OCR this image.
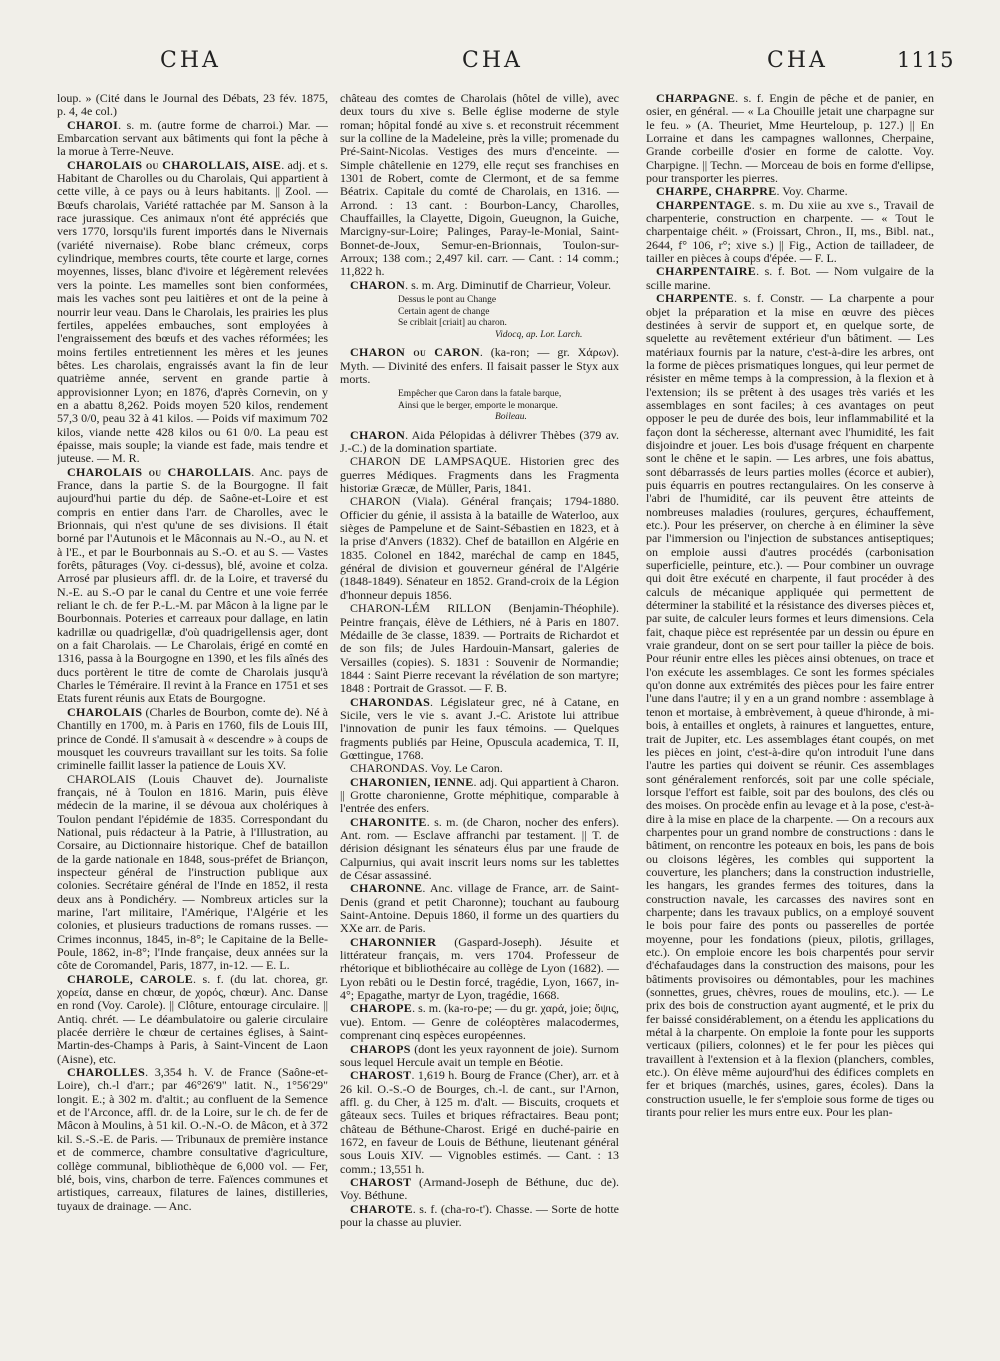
CHA	CHA	CHA	1115

loup. » (Cité dans le Journal des Débats, 23 fév. 1875, p. 4, 4e col.)

CHAROI. s. m. (autre forme de charroi.) Mar. — Embarcation servant aux bâtiments qui font la pêche à la morue à Terre-Neuve.

CHAROLAIS ou CHAROLLAIS, AISE. adj. et s. Habitant de Charolles ou du Charolais, Qui appartient à cette ville, à ce pays ou à leurs habitants. || Zool. — Bœufs charolais, Variété rattachée par M. Sanson à la race jurassique. Ces animaux n'ont été appréciés que vers 1770, lorsqu'ils furent importés dans le Nivernais (variété nivernaise). Robe blanc crémeux, corps cylindrique, membres courts, tête courte et large, cornes moyennes, lisses, blanc d'ivoire et légèrement relevées vers la pointe. Les mamelles sont bien conformées, mais les vaches sont peu laitières et ont de la peine à nourrir leur veau. Dans le Charolais, les prairies les plus fertiles, appelées embauches, sont employées à l'engraissement des bœufs et des vaches réformées; les moins fertiles entretiennent les mères et les jeunes bêtes. Les charolais, engraissés avant la fin de leur quatrième année, servent en grande partie à approvisionner Lyon; en 1876, d'après Cornevin, on y en a abattu 8,262. Poids moyen 520 kilos, rendement 57,3 0/0, peau 32 à 41 kilos. — Poids vif maximum 702 kilos, viande nette 428 kilos ou 61 0/0. La peau est épaisse, mais souple; la viande est fade, mais tendre et juteuse. — M. R.

CHAROLAIS ou CHAROLLAIS. Anc. pays de France, dans la partie S. de la Bourgogne. Il fait aujourd'hui partie du dép. de Saône-et-Loire et est compris en entier dans l'arr. de Charolles, avec le Brionnais, qui n'est qu'une de ses divisions. Il était borné par l'Autunois et le Mâconnais au N.-O., au N. et à l'E., et par le Bourbonnais au S.-O. et au S. — Vastes forêts, pâturages (Voy. ci-dessus), blé, avoine et colza. Arrosé par plusieurs affl. dr. de la Loire, et traversé du N.-E. au S.-O par le canal du Centre et une voie ferrée reliant le ch. de fer P.-L.-M. par Mâcon à la ligne par le Bourbonnais. Poteries et carreaux pour dallage, en latin kadrillæ ou quadrigellæ, d'où quadrigellensis ager, dont on a fait Charolais. — Le Charolais, érigé en comté en 1316, passa à la Bourgogne en 1390, et les fils aînés des ducs portèrent le titre de comte de Charolais jusqu'à Charles le Téméraire. Il revint à la France en 1751 et ses Etats furent réunis aux Etats de Bourgogne.

CHAROLAIS (Charles de Bourbon, comte de). Né à Chantilly en 1700, m. à Paris en 1760, fils de Louis III, prince de Condé. Il s'amusait à « descendre » à coups de mousquet les couvreurs travaillant sur les toits. Sa folie criminelle faillit lasser la patience de Louis XV.

CHAROLAIS (Louis Chauvet de). Journaliste français, né à Toulon en 1816. Marin, puis élève médecin de la marine, il se dévoua aux cholériques à Toulon pendant l'épidémie de 1835. Correspondant du National, puis rédacteur à la Patrie, à l'Illustration, au Corsaire, au Dictionnaire historique. Chef de bataillon de la garde nationale en 1848, sous-préfet de Briançon, inspecteur général de l'instruction publique aux colonies. Secrétaire général de l'Inde en 1852, il resta deux ans à Pondichéry. — Nombreux articles sur la marine, l'art militaire, l'Amérique, l'Algérie et les colonies, et plusieurs traductions de romans russes. — Crimes inconnus, 1845, in-8°; le Capitaine de la Belle-Poule, 1862, in-8°; l'Inde française, deux années sur la côte de Coromandel, Paris, 1877, in-12. — E. L.

CHAROLE, CAROLE. s. f. (du lat. chorea, gr. χορεία, danse en chœur, de χορός, chœur). Anc. Danse en rond (Voy. Carole). || Clôture, entourage circulaire. || Antiq. chrét. — Le déambulatoire ou galerie circulaire placée derrière le chœur de certaines églises, à Saint-Martin-des-Champs à Paris, à Saint-Vincent de Laon (Aisne), etc.

CHAROLLES. 3,354 h. V. de France (Saône-et-Loire), ch.-l d'arr.; par 46°26'9" latit. N., 1°56'29" longit. E.; à 302 m. d'altit.; au confluent de la Semence et de l'Arconce, affl. dr. de la Loire, sur le ch. de fer de Mâcon à Moulins, à 51 kil. O.-N.-O. de Mâcon, et à 372 kil. S.-S.-E. de Paris. — Tribunaux de première instance et de commerce, chambre consultative d'agriculture, collège communal, bibliothèque de 6,000 vol. — Fer, blé, bois, vins, charbon de terre. Faïences communes et artistiques, carreaux, filatures de laines, distilleries, tuyaux de drainage. — Anc.

château des comtes de Charolais (hôtel de ville), avec deux tours du xive s. Belle église moderne de style roman; hôpital fondé au xive s. et reconstruit récemment sur la colline de la Madeleine, près la ville; promenade du Pré-Saint-Nicolas. Vestiges des murs d'enceinte. — Simple châtellenie en 1279, elle reçut ses franchises en 1301 de Robert, comte de Clermont, et de sa femme Béatrix. Capitale du comté de Charolais, en 1316. — Arrond. : 13 cant. : Bourbon-Lancy, Charolles, Chauffailles, la Clayette, Digoin, Gueugnon, la Guiche, Marcigny-sur-Loire; Palinges, Paray-le-Monial, Saint-Bonnet-de-Joux, Semur-en-Brionnais, Toulon-sur-Arroux; 138 com.; 2,497 kil. carr. — Cant. : 14 comm.; 11,822 h.

CHARON. s. m. Arg. Diminutif de Charrieur, Voleur.

Dessus le pont au Change
Certain agent de change
Se criblait [criait] au charon.
Vidocq, ap. Lor. Larch.

CHARON ou CARON. (ka-ron; — gr. Χάρων). Myth. — Divinité des enfers. Il faisait passer le Styx aux morts.

Empêcher que Caron dans la fatale barque,
Ainsi que le berger, emporte le monarque.
Boileau.

CHARON. Aida Pélopidas à délivrer Thèbes (379 av. J.-C.) de la domination spartiate.

CHARON DE LAMPSAQUE. Historien grec des guerres Médiques. Fragments dans les Fragmenta historiæ Græcæ, de Müller, Paris, 1841.

CHARON (Viala). Général français; 1794-1880. Officier du génie, il assista à la bataille de Waterloo, aux sièges de Pampelune et de Saint-Sébastien en 1823, et à la prise d'Anvers (1832). Chef de bataillon en Algérie en 1835. Colonel en 1842, maréchal de camp en 1845, général de division et gouverneur général de l'Algérie (1848-1849). Sénateur en 1852. Grand-croix de la Légion d'honneur depuis 1856.

CHARON-LÉM RILLON (Benjamin-Théophile). Peintre français, élève de Léthiers, né à Paris en 1807. Médaille de 3e classe, 1839. — Portraits de Richardot et de son fils; de Jules Hardouin-Mansart, galeries de Versailles (copies). S. 1831 : Souvenir de Normandie; 1844 : Saint Pierre recevant la révélation de son martyre; 1848 : Portrait de Grassot. — F. B.

CHARONDAS. Législateur grec, né à Catane, en Sicile, vers le vie s. avant J.-C. Aristote lui attribue l'innovation de punir les faux témoins. — Quelques fragments publiés par Heine, Opuscula academica, T. II, Gœttingue, 1768.

CHARONDAS. Voy. Le Caron.

CHARONIEN, IENNE. adj. Qui appartient à Charon. || Grotte charonienne, Grotte méphitique, comparable à l'entrée des enfers.

CHARONITE. s. m. (de Charon, nocher des enfers). Ant. rom. — Esclave affranchi par testament. || T. de dérision désignant les sénateurs élus par une fraude de Calpurnius, qui avait inscrit leurs noms sur les tablettes de César assassiné.

CHARONNE. Anc. village de France, arr. de Saint-Denis (grand et petit Charonne); touchant au faubourg Saint-Antoine. Depuis 1860, il forme un des quartiers du XXe arr. de Paris.

CHARONNIER (Gaspard-Joseph). Jésuite et littérateur français, m. vers 1704. Professeur de rhétorique et bibliothécaire au collège de Lyon (1682). — Lyon rebâti ou le Destin forcé, tragédie, Lyon, 1667, in-4°; Epagathe, martyr de Lyon, tragédie, 1668.

CHAROPE. s. m. (ka-ro-pe; — du gr. χαρά, joie; ὄψις, vue). Entom. — Genre de coléoptères malacodermes, comprenant cinq espèces européennes.

CHAROPS (dont les yeux rayonnent de joie). Surnom sous lequel Hercule avait un temple en Béotie.

CHAROST. 1,619 h. Bourg de France (Cher), arr. et à 26 kil. O.-S.-O de Bourges, ch.-l. de cant., sur l'Arnon, affl. g. du Cher, à 125 m. d'alt. — Biscuits, croquets et gâteaux secs. Tuiles et briques réfractaires. Beau pont; château de Béthune-Charost. Erigé en duché-pairie en 1672, en faveur de Louis de Béthune, lieutenant général sous Louis XIV. — Vignobles estimés. — Cant. : 13 comm.; 13,551 h.

CHAROST (Armand-Joseph de Béthune, duc de). Voy. Béthune.

CHAROTE. s. f. (cha-ro-t'). Chasse. — Sorte de hotte pour la chasse au pluvier.

CHARPAGNE. s. f. Engin de pêche et de panier, en osier, en général. — « La Chouille jetait une charpagne sur le feu. » (A. Theuriet, Mme Heurteloup, p. 127.) || En Lorraine et dans les campagnes wallonnes, Cherpaine, Grande corbeille d'osier en forme de calotte. Voy. Charpigne. || Techn. — Morceau de bois en forme d'ellipse, pour transporter les pierres.

CHARPE, CHARPRE. Voy. Charme.

CHARPENTAGE. s. m. Du xiie au xve s., Travail de charpenterie, construction en charpente. — « Tout le charpentaige chéit. » (Froissart, Chron., II, ms., Bibl. nat., 2644, f° 106, r°; xive s.) || Fig., Action de tailladeer, de tailler en pièces à coups d'épée. — F. L.

CHARPENTAIRE. s. f. Bot. — Nom vulgaire de la scille marine.

CHARPENTE. s. f. Constr. — La charpente a pour objet la préparation et la mise en œuvre des pièces destinées à servir de support et, en quelque sorte, de squelette au revêtement extérieur d'un bâtiment. — Les matériaux fournis par la nature, c'est-à-dire les arbres, ont la forme de pièces prismatiques longues, qui leur permet de résister en même temps à la compression, à la flexion et à l'extension; ils se prêtent à des usages très variés et les assemblages en sont faciles; à ces avantages on peut opposer le peu de durée des bois, leur inflammabilité et la façon dont la sécheresse, alternant avec l'humidité, les fait disjoindre et jouer. Les bois d'usage fréquent en charpente sont le chêne et le sapin. — Les arbres, une fois abattus, sont débarrassés de leurs parties molles (écorce et aubier), puis équarris en poutres rectangulaires. On les conserve à l'abri de l'humidité, car ils peuvent être atteints de nombreuses maladies (roulures, gerçures, échauffement, etc.). Pour les préserver, on cherche à en éliminer la sève par l'immersion ou l'injection de substances antiseptiques; on emploie aussi d'autres procédés (carbonisation superficielle, peinture, etc.). — Pour combiner un ouvrage qui doit être exécuté en charpente, il faut procéder à des calculs de mécanique appliquée qui permettent de déterminer la stabilité et la résistance des diverses pièces et, par suite, de calculer leurs formes et leurs dimensions. Cela fait, chaque pièce est représentée par un dessin ou épure en vraie grandeur, dont on se sert pour tailler la pièce de bois. Pour réunir entre elles les pièces ainsi obtenues, on trace et l'on exécute les assemblages. Ce sont les formes spéciales qu'on donne aux extrémités des pièces pour les faire entrer l'une dans l'autre; il y en a un grand nombre : assemblage à tenon et mortaise, à embrèvement, à queue d'hironde, à mi-bois, à entailles et onglets, à rainures et languettes, enture, trait de Jupiter, etc. Les assemblages étant coupés, on met les pièces en joint, c'est-à-dire qu'on introduit l'une dans l'autre les parties qui doivent se réunir. Ces assemblages sont généralement renforcés, soit par une colle spéciale, lorsque l'effort est faible, soit par des boulons, des clés ou des moises. On procède enfin au levage et à la pose, c'est-à-dire à la mise en place de la charpente. — On a recours aux charpentes pour un grand nombre de constructions : dans le bâtiment, on rencontre les poteaux en bois, les pans de bois ou cloisons légères, les combles qui supportent la couverture, les planchers; dans la construction industrielle, les hangars, les grandes fermes des toitures, dans la construction navale, les carcasses des navires sont en charpente; dans les travaux publics, on a employé souvent le bois pour faire des ponts ou passerelles de portée moyenne, pour les fondations (pieux, pilotis, grillages, etc.). On emploie encore les bois charpentés pour servir d'échafaudages dans la construction des maisons, pour les bâtiments provisoires ou démontables, pour les machines (sonnettes, grues, chèvres, roues de moulins, etc.). — Le prix des bois de construction ayant augmenté, et le prix du fer baissé considérablement, on a étendu les applications du métal à la charpente. On emploie la fonte pour les supports verticaux (piliers, colonnes) et le fer pour les pièces qui travaillent à l'extension et à la flexion (planchers, combles, etc.). On élève même aujourd'hui des édifices complets en fer et briques (marchés, usines, gares, écoles). Dans la construction usuelle, le fer s'emploie sous forme de tiges ou tirants pour relier les murs entre eux. Pour les plan-
